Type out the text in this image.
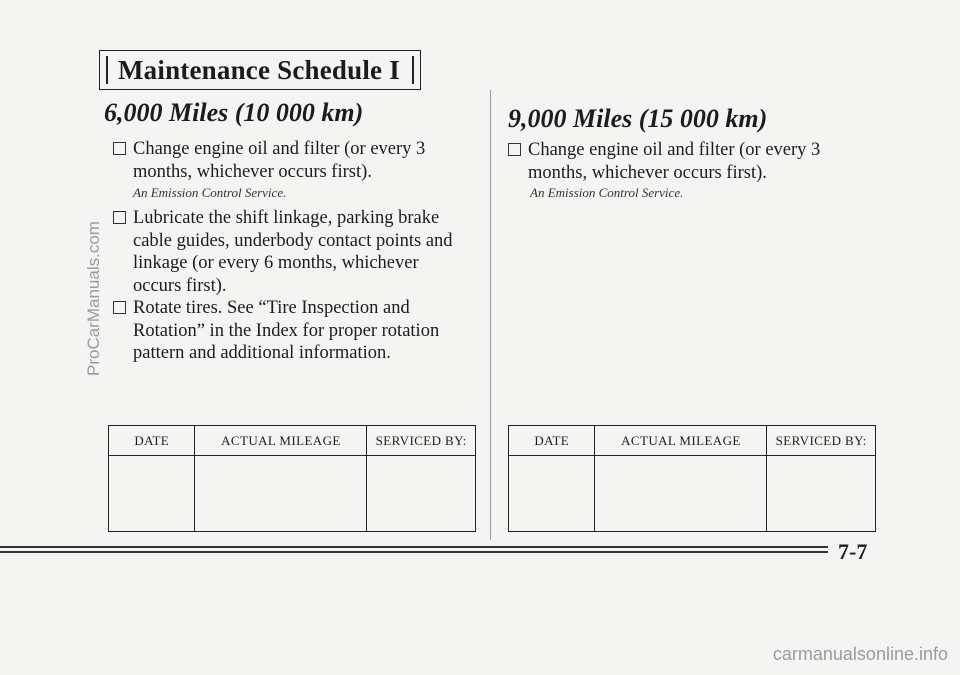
Maintenance Schedule I
6,000 Miles (10 000 km)
Change engine oil and filter (or every 3 months, whichever occurs first).
An Emission Control Service.
Lubricate the shift linkage, parking brake cable guides, underbody contact points and linkage (or every 6 months, whichever occurs first).
Rotate tires. See “Tire Inspection and Rotation” in the Index for proper rotation pattern and additional information.
DATE	ACTUAL MILEAGE	SERVICED BY:

9,000 Miles (15 000 km)
Change engine oil and filter (or every 3 months, whichever occurs first).
An Emission Control Service.
DATE	ACTUAL MILEAGE	SERVICED BY:

7-7
ProCarManuals.com
carmanualsonline.info
